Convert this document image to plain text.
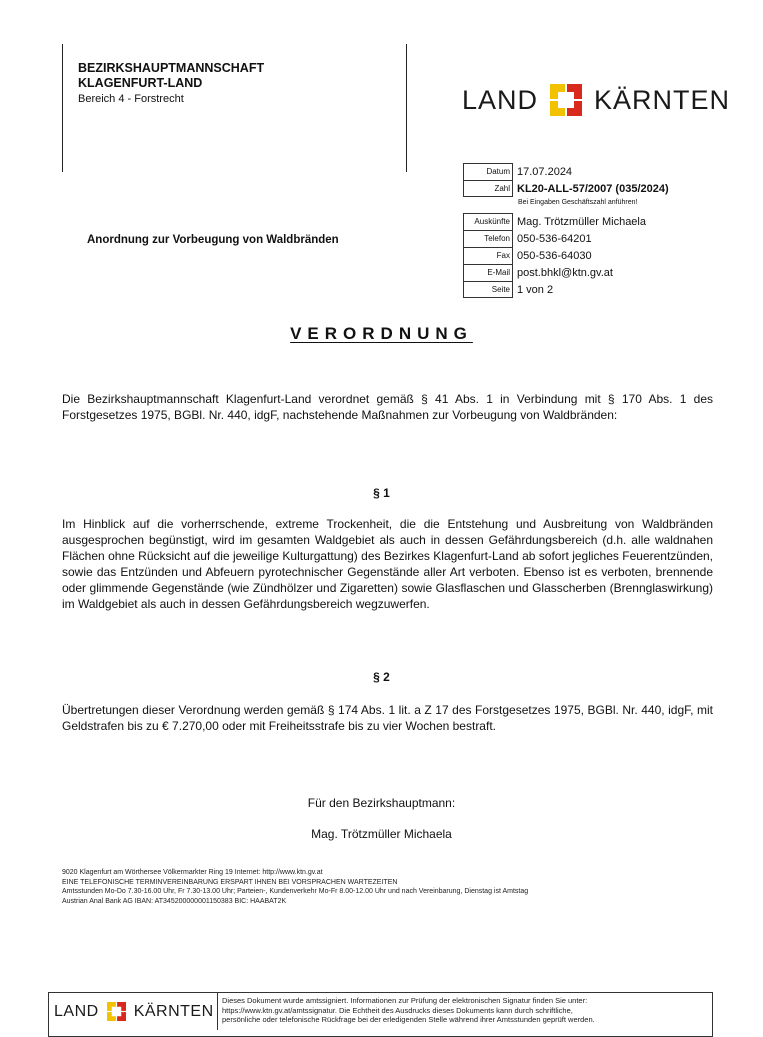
BEZIRKSHAUPTMANNSCHAFT
KLAGENFURT-LAND
Bereich 4 - Forstrecht	LAND KÄRNTEN
Datum 17.07.2024
Zahl KL20-ALL-57/2007 (035/2024)
Bei Eingaben Geschäftszahl anführen!
Auskünfte Mag. Trötzmüller Michaela
Telefon 050-536-64201
Fax 050-536-64030
E-Mail post.bhkl@ktn.gv.at
Seite 1 von 2
Anordnung zur Vorbeugung von Waldbränden
VERORDNUNG
Die Bezirkshauptmannschaft Klagenfurt-Land verordnet gemäß § 41 Abs. 1 in Verbindung mit § 170 Abs. 1 des Forstgesetzes 1975, BGBl. Nr. 440, idgF, nachstehende Maßnahmen zur Vorbeugung von Waldbränden:
§ 1
Im Hinblick auf die vorherrschende, extreme Trockenheit, die die Entstehung und Ausbreitung von Waldbränden ausgesprochen begünstigt, wird im gesamten Waldgebiet als auch in dessen Gefährdungsbereich (d.h. alle waldnahen Flächen ohne Rücksicht auf die jeweilige Kulturgattung) des Bezirkes Klagenfurt-Land ab sofort jegliches Feuerentzünden, sowie das Entzünden und Abfeuern pyrotechnischer Gegenstände aller Art verboten. Ebenso ist es verboten, brennende oder glimmende Gegenstände (wie Zündhölzer und Zigaretten) sowie Glasflaschen und Glasscherben (Brennglaswirkung) im Waldgebiet als auch in dessen Gefährdungsbereich wegzuwerfen.
§ 2
Übertretungen dieser Verordnung werden gemäß § 174 Abs. 1 lit. a Z 17 des Forstgesetzes 1975, BGBl. Nr. 440, idgF, mit Geldstrafen bis zu € 7.270,00 oder mit Freiheitsstrafe bis zu vier Wochen bestraft.
Für den Bezirkshauptmann:
Mag. Trötzmüller Michaela
9020 Klagenfurt am Wörthersee Völkermarkter Ring 19 Internet: http://www.ktn.gv.at
EINE TELEFONISCHE TERMINVEREINBARUNG ERSPART IHNEN BEI VORSPRACHEN WARTEZEITEN
Amtsstunden Mo-Do 7.30-16.00 Uhr, Fr 7.30-13.00 Uhr; Parteien-, Kundenverkehr Mo-Fr 8.00-12.00 Uhr und nach Vereinbarung, Dienstag ist Amtstag
Austrian Anal Bank AG IBAN: AT345200000001150383 BIC: HAABAT2K
LAND KÄRNTEN
Dieses Dokument wurde amtssigniert. Informationen zur Prüfung der elektronischen Signatur finden Sie unter:
https://www.ktn.gv.at/amtssignatur. Die Echtheit des Ausdrucks dieses Dokuments kann durch schriftliche,
persönliche oder telefonische Rückfrage bei der erledigenden Stelle während ihrer Amtsstunden geprüft werden.
